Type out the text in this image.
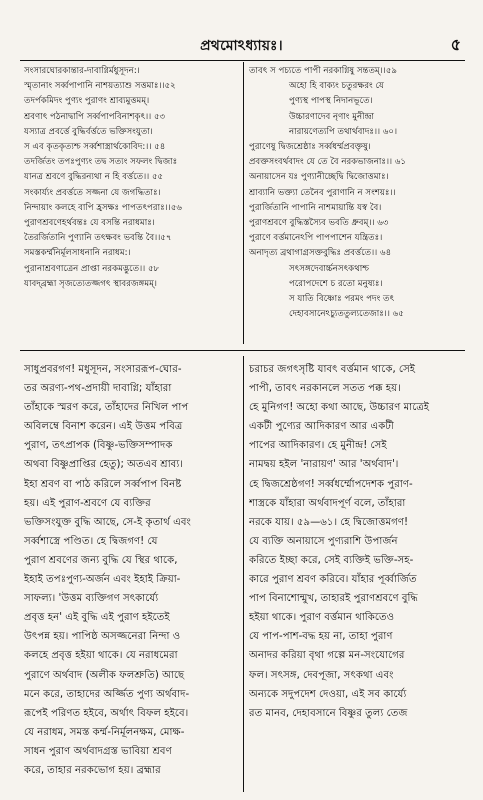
প্রথমোঽধ্যায়ঃ।	৫
সংসারঘোরকান্তার-দাবাগ্নির্মধুসূদন:।
স্মৃতানাং সর্ব্বপাপানি নাশয়ত্যাশু সত্তমাঃ।।৫২
তদর্পকমিদং পুণ্যং পুরাণং শ্রাব্যমুত্তমম্।
শ্রবণাৎ পঠনাদ্বাপি সর্ব্বপাপবিনাশকৃৎ।। ৫৩
যস্যাত্র প্রবর্ত্তে বুদ্ধির্বর্ত্ততে ভক্তিসংযুতা।
স এব কৃতকৃত্যশ্চ সর্ব্বশাস্ত্রার্থকোবিদ:।। ৫৪
তদর্জিতং তপঃপুণ্যং তদ্ব সত্যং সফলং দ্বিজাঃ
যানত্র শ্রবণে বুদ্ধিরন্যথা ন হি বর্ত্ততে।। ৫৫
সংকার্য্যং প্রবর্ত্ততে সজ্জনা যে জগদ্ধিতাঃ।
নিন্দায়াং কলহে বাপি হ্রসক্ষঃ পাপতৎপরাঃ।।৫৬
পুরাণশ্রবণেহর্থবন্তঃ যে বসন্তি নরাধমাঃ।
তৈরর্জিতানি পুণ্যানি তৎক্ষবং ভবন্তি বৈ।।৫৭
সমস্তকর্ম্মনির্মূলসাধনানি নরাধম:।
পুরানাশ্রবণাত্রেন প্রাপ্তা নরকমদ্ভুতে।। ৫৮
যাবদ্‌ব্রহ্মা সৃজত্যেতজ্জগৎ স্থাবরজঙ্গমম্।
তাবৎ স পচ্যতে পাপী নরকাগ্নিষু সন্ততম্।।৫৯
অহো হি বাক্যং চতুরক্ষরং যে
পুণ্যস্থ পাপস্থ নিদানভূতে।
উচ্চারণাদেব নৃণাং মুনীন্দ্রা
নারায়ণেত্যপি তথার্থবাদঃ।। ৬০।
পুরাণেষু দ্বিজশ্রেষ্ঠাঃ সর্ব্বধর্ম্মপ্রবক্তৃষু।
প্রবক্তসংবর্থবাদং যে তে বৈ নরকভাজনাঃ।। ৬১
অনায়াসেন যঃ পুণ্যানীচ্ছেদ্বি দ্বিজোত্তমাঃ।
শ্রাব্যানি ভক্ত্যা তেনৈব পুরাণানি ন সংশয়ঃ।।
পুরার্জিতানি পাপানি নাশমায়ান্তি যস্ব বৈ।
পুরাণশ্রবণে বুদ্ধিস্তস্যৈব ভবতি ধ্রুবম্।। ৬৩
পুরাণে বর্ত্তমানেঽপি পাপপাশেন যন্ত্রিতঃ।
অনাদৃত্য ব্রথাগাগ্রসক্তবুদ্ধিঃ প্রবর্ত্ততে।। ৬৪
সৎসঙ্গদেবার্চ্চনসৎকথাশ্চ
পরোপদেশে চ রতো মনুষ্যঃ।
স যাতি বিষ্ণোঃ পরমং পদং তৎ
দেহাবসানেঽচ্যুততুল্যতেজাঃ।। ৬৫
সাধুপ্রবরগণ! মধুসূদন, সংসাররূপ-ঘোর-
তর অরণ্য-পথ-প্রদায়ী দাবাগ্নি; যাঁহারা
তাঁহাকে স্মরণ করে, তাঁহাদের নিখিল পাপ
অবিলম্বে বিনাশ করেন। এই উত্তম পবিত্র
পুরাণ, তৎপ্রাপক (বিষ্ণু-ভক্তিসম্পাদক
অথবা বিষ্ণুপ্রাপ্তির হেতু); অতএব শ্রাব্য।
ইহা শ্রবণ বা পাঠ করিলে সর্ব্বপাপ বিনষ্ট
হয়। এই পুরাণ-শ্রবণে যে ব্যক্তির
ভক্তিসংযুক্ত বুদ্ধি আছে, সে-ই কৃতার্থ এবং
সর্ব্বশাস্ত্রে পণ্ডিত। হে দ্বিজগণ! যে
পুরাণ শ্রবণের জন্য বুদ্ধি যে স্থির থাকে,
ইহাই তপঃপুণ্য-অর্জন এবং ইহাই ক্রিয়া-
সাফল্য। 'উত্তম ব্যক্তিগণ সৎকার্য্যে
প্রবৃত্ত হন' এই বুদ্ধি এই পুরাণ হইতেই
উৎপন্ন হয়। পাপিষ্ঠ অসজ্জনেরা নিন্দা ও
কলহে প্রবৃত্ত হইয়া থাকে। যে নরাধমেরা
পুরাণে অর্থবাদ (অলীক ফলশ্রুতি) আছে
মনে করে, তাহাদের অর্জ্জিত পুণ্য অর্থবাদ-
রূপেই পরিণত হইবে, অর্থাৎ বিফল হইবে।
যে নরাধম, সমস্ত কর্ম্ম-নির্মূলনক্ষম, মোক্ষ-
সাধন পুরাণ অর্থবাদগ্রস্ত ভাবিয়া শ্রবণ
করে, তাহার নরকভোগ হয়। ব্রহ্মার
চরাচর জগৎসৃষ্টি যাবৎ বর্ত্তমান থাকে, সেই
পাপী, তাবৎ নরকানলে সতত পক্ক হয়।
হে মুনিগণ! অহো কথা আছে, উচ্চারণ মাত্রেই
একটী পুণ্যের আদিকারণ আর একটী
পাপের আদিকারণ। হে মুনীন্দ্র! সেই
নামদ্বয় হইল 'নারায়ণ' আর 'অর্থবাদ'।
হে দ্বিজশ্রেষ্ঠগণ! সর্ব্বধর্ম্মোপদেশক পুরাণ-
শাস্ত্রকে যাঁহারা অর্থবাদপূর্ণ বলে, তাঁহারা
নরকে যায়। ৫৯—৬১। হে দ্বিজোত্তমগণ!
যে ব্যক্তি অনায়াসে পুণ্যরাশি উপার্জন
করিতে ইচ্ছা করে, সেই ব্যক্তিই ভক্তি-সহ-
কারে পুরাণ শ্রবণ করিবে। যাঁহার পূর্ব্বার্জিত
পাপ বিনাশোন্মুখ, তাহারই পুরাণশ্রবণে বুদ্ধি
হইয়া থাকে। পুরাণ বর্ত্তমান থাকিতেও
যে পাপ-পাশ-বদ্ধ হয় না, তাহা পুরাণ
অনাদর করিয়া বৃথা গল্পে মন-সংযোগের
ফল। সৎসঙ্গ, দেবপূজা, সৎকথা এবং
অন্যকে সদুপদেশ দেওয়া, এই সব কার্য্যে
রত মানব, দেহাবসানে বিষ্ণুর তুল্য তেজ
